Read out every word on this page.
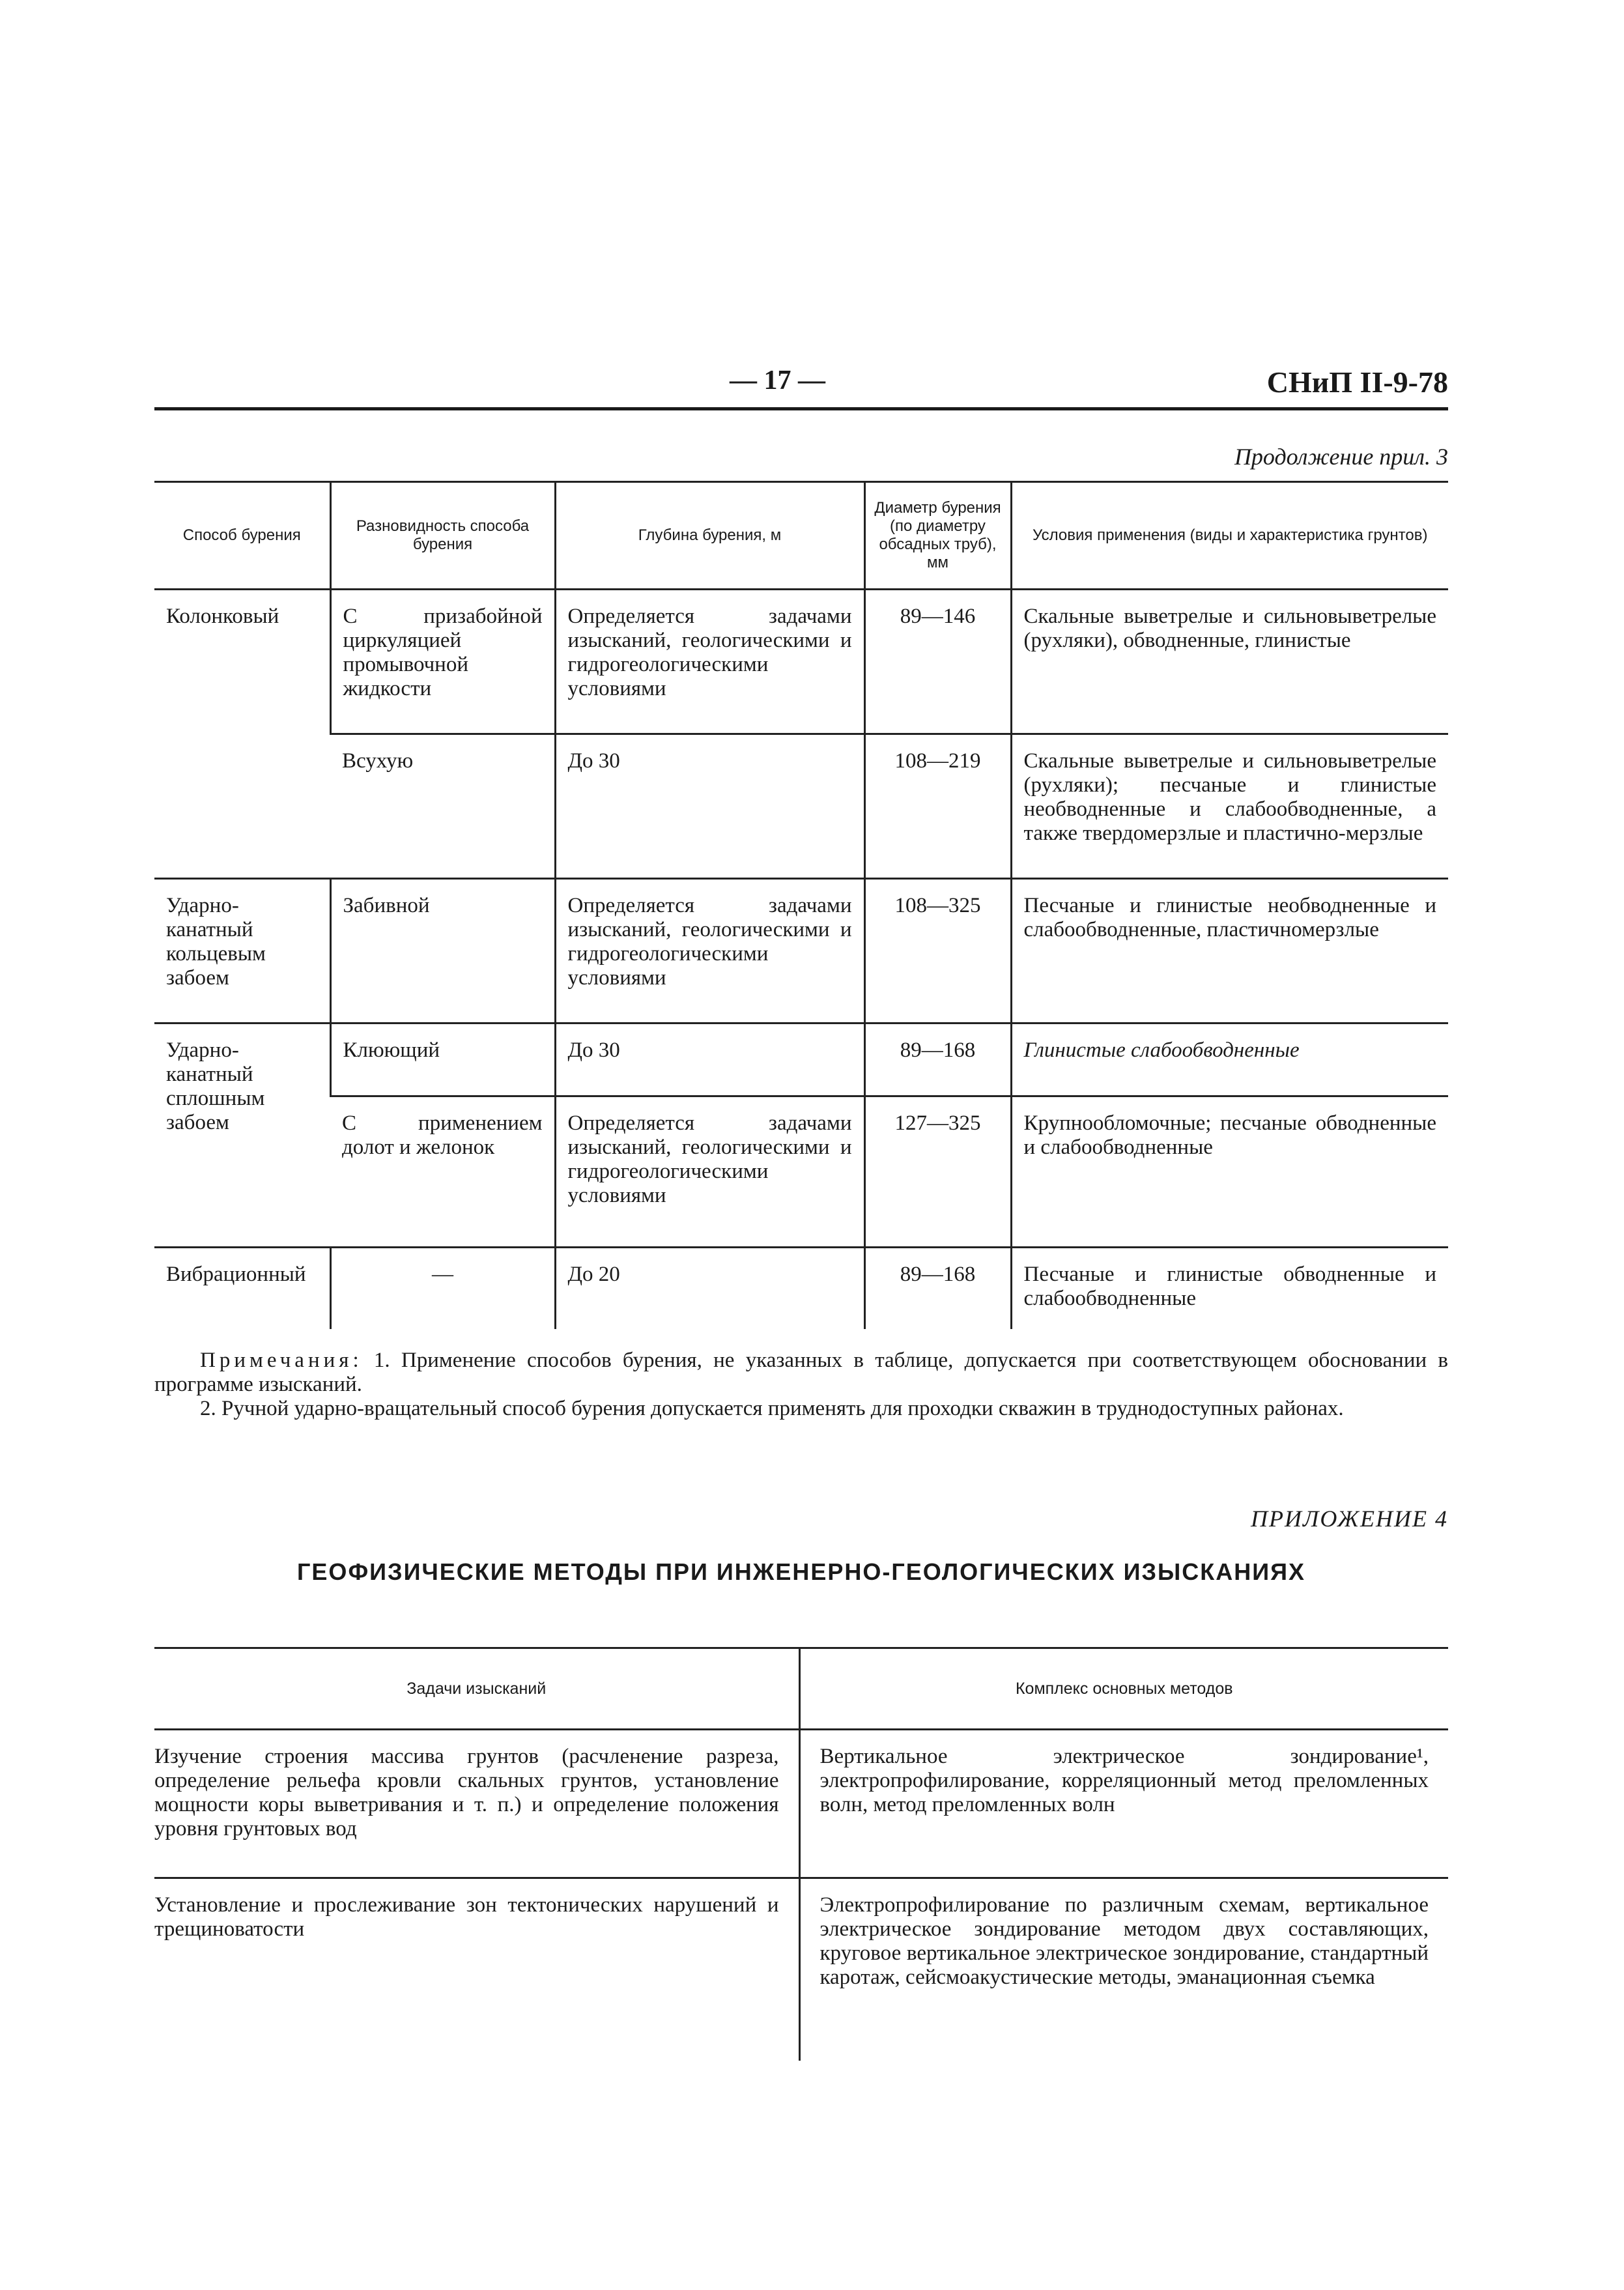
— 17 —	СНиП II-9-78
Продолжение прил. 3
Способ бурения	Разновидность способа бурения	Глубина бурения, м	Диаметр бурения (по диаметру обсадных труб), мм	Условия применения (виды и характеристика грунтов)
Колонковый	С призабойной циркуляцией промывочной жидкости	Определяется задачами изысканий, геологическими и гидрогеологическими условиями	89—146	Скальные выветрелые и сильновыветрелые (рухляки), обводненные, глинистые
	Всухую	До 30	108—219	Скальные выветрелые и сильновыветрелые (рухляки); песчаные и глинистые необводненные и слабообводненные, а также твердомерзлые и пластично-мерзлые
Ударно-канатный кольцевым забоем	Забивной	Определяется задачами изысканий, геологическими и гидрогеологическими условиями	108—325	Песчаные и глинистые необводненные и слабообводненные, пластичномерзлые
Ударно-канатный сплошным забоем	Клюющий	До 30	89—168	Глинистые слабообводненные
	С применением долот и желонок	Определяется задачами изысканий, геологическими и гидрогеологическими условиями	127—325	Крупнообломочные; песчаные обводненные и слабообводненные
Вибрационный	—	До 20	89—168	Песчаные и глинистые обводненные и слабообводненные

Примечания: 1. Применение способов бурения, не указанных в таблице, допускается при соответствующем обосновании в программе изысканий.

2. Ручной ударно-вращательный способ бурения допускается применять для проходки скважин в труднодоступных районах.

ПРИЛОЖЕНИЕ 4
ГЕОФИЗИЧЕСКИЕ МЕТОДЫ ПРИ ИНЖЕНЕРНО-ГЕОЛОГИЧЕСКИХ ИЗЫСКАНИЯХ
Задачи изысканий	Комплекс основных методов
Изучение строения массива грунтов (расчленение разреза, определение рельефа кровли скальных грунтов, установление мощности коры выветривания и т. п.) и определение положения уровня грунтовых вод	Вертикальное электрическое зондирование¹, электропрофилирование, корреляционный метод преломленных волн, метод преломленных волн
Установление и прослеживание зон тектонических нарушений и трещиноватости	Электропрофилирование по различным схемам, вертикальное электрическое зондирование методом двух составляющих, круговое вертикальное электрическое зондирование, стандартный каротаж, сейсмоакустические методы, эманационная съемка
